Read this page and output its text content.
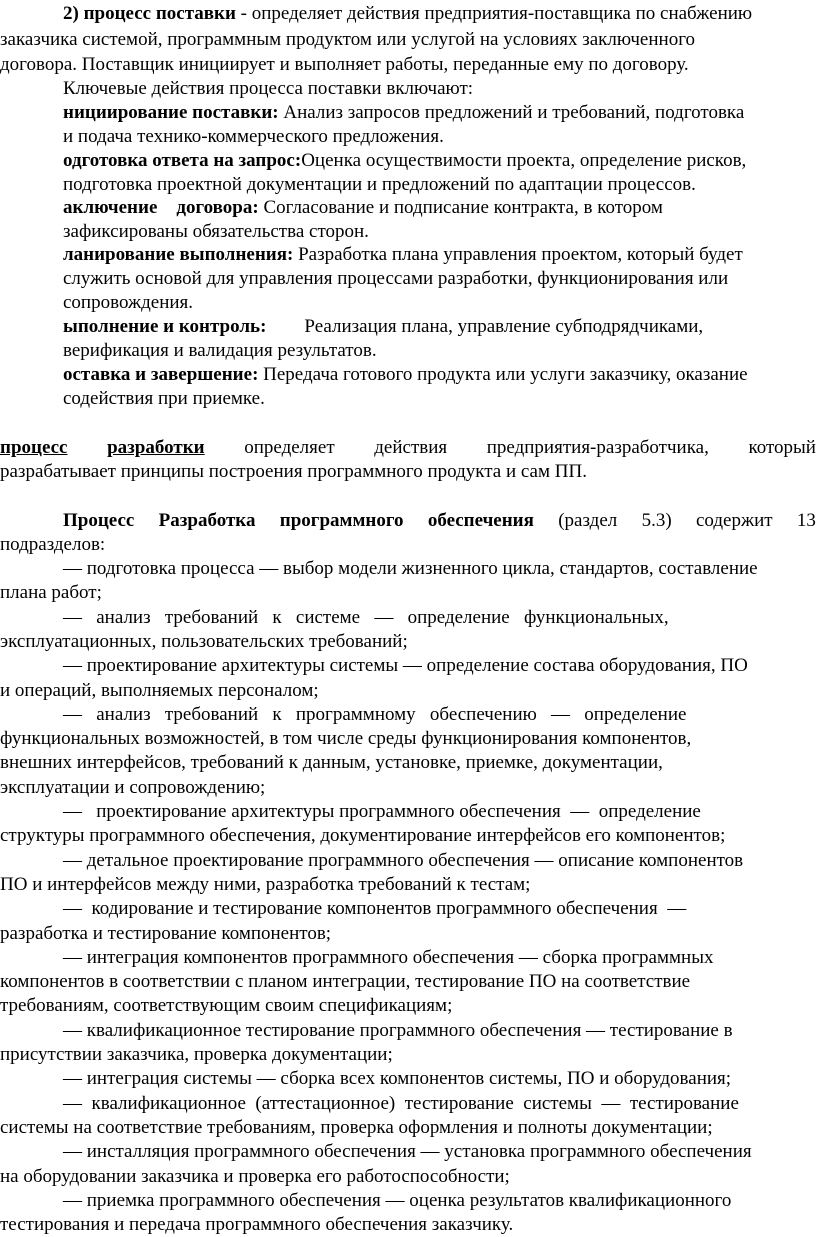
2) процесс поставки - определяет действия предприятия-поставщика по снабжению
заказчика системой, программным продуктом или услугой на условиях заключенного
договора. Поставщик инициирует и выполняет работы, переданные ему по договору.
Ключевые действия процесса поставки включают:
нициирование поставки: Анализ запросов предложений и требований, подготовка
и подача технико-коммерческого предложения.
одготовка ответа на запрос:Оценка осуществимости проекта, определение рисков,
подготовка проектной документации и предложений по адаптации процессов.
аключение    договора: Согласование и подписание контракта, в котором
зафиксированы обязательства сторон.
ланирование выполнения: Разработка плана управления проектом, который будет
служить основой для управления процессами разработки, функционирования или
сопровождения.
ыполнение и контроль:        Реализация плана, управление субподрядчиками,
верификация и валидация результатов.
оставка и завершение: Передача готового продукта или услуги заказчику, оказание
содействия при приемке.
процесс разработки определяет действия предприятия-разработчика, который
разрабатывает принципы построения программного продукта и сам ПП.
Процесс Разработка программного обеспечения (раздел 5.3) содержит 13
подразделов:
— подготовка процесса — выбор модели жизненного цикла, стандартов, составление
плана работ;
—   анализ   требований   к   системе   —   определение   функциональных,
эксплуатационных, пользовательских требований;
— проектирование архитектуры системы — определение состава оборудования, ПО
и операций, выполняемых персоналом;
—   анализ   требований   к   программному   обеспечению   —   определение
функциональных возможностей, в том числе среды функционирования компонентов,
внешних интерфейсов, требований к данным, установке, приемке, документации,
эксплуатации и сопровождению;
—   проектирование архитектуры программного обеспечения  —  определение
структуры программного обеспечения, документирование интерфейсов его компонентов;
— детальное проектирование программного обеспечения — описание компонентов
ПО и интерфейсов между ними, разработка требований к тестам;
—  кодирование и тестирование компонентов программного обеспечения  —
разработка и тестирование компонентов;
— интеграция компонентов программного обеспечения — сборка программных
компонентов в соответствии с планом интеграции, тестирование ПО на соответствие
требованиям, соответствующим своим спецификациям;
— квалификационное тестирование программного обеспечения — тестирование в
присутствии заказчика, проверка документации;
— интеграция системы — сборка всех компонентов системы, ПО и оборудования;
—  квалификационное  (аттестационное)  тестирование  системы  —  тестирование
системы на соответствие требованиям, проверка оформления и полноты документации;
— инсталляция программного обеспечения — установка программного обеспечения
на оборудовании заказчика и проверка его работоспособности;
— приемка программного обеспечения — оценка результатов квалификационного
тестирования и передача программного обеспечения заказчику.
